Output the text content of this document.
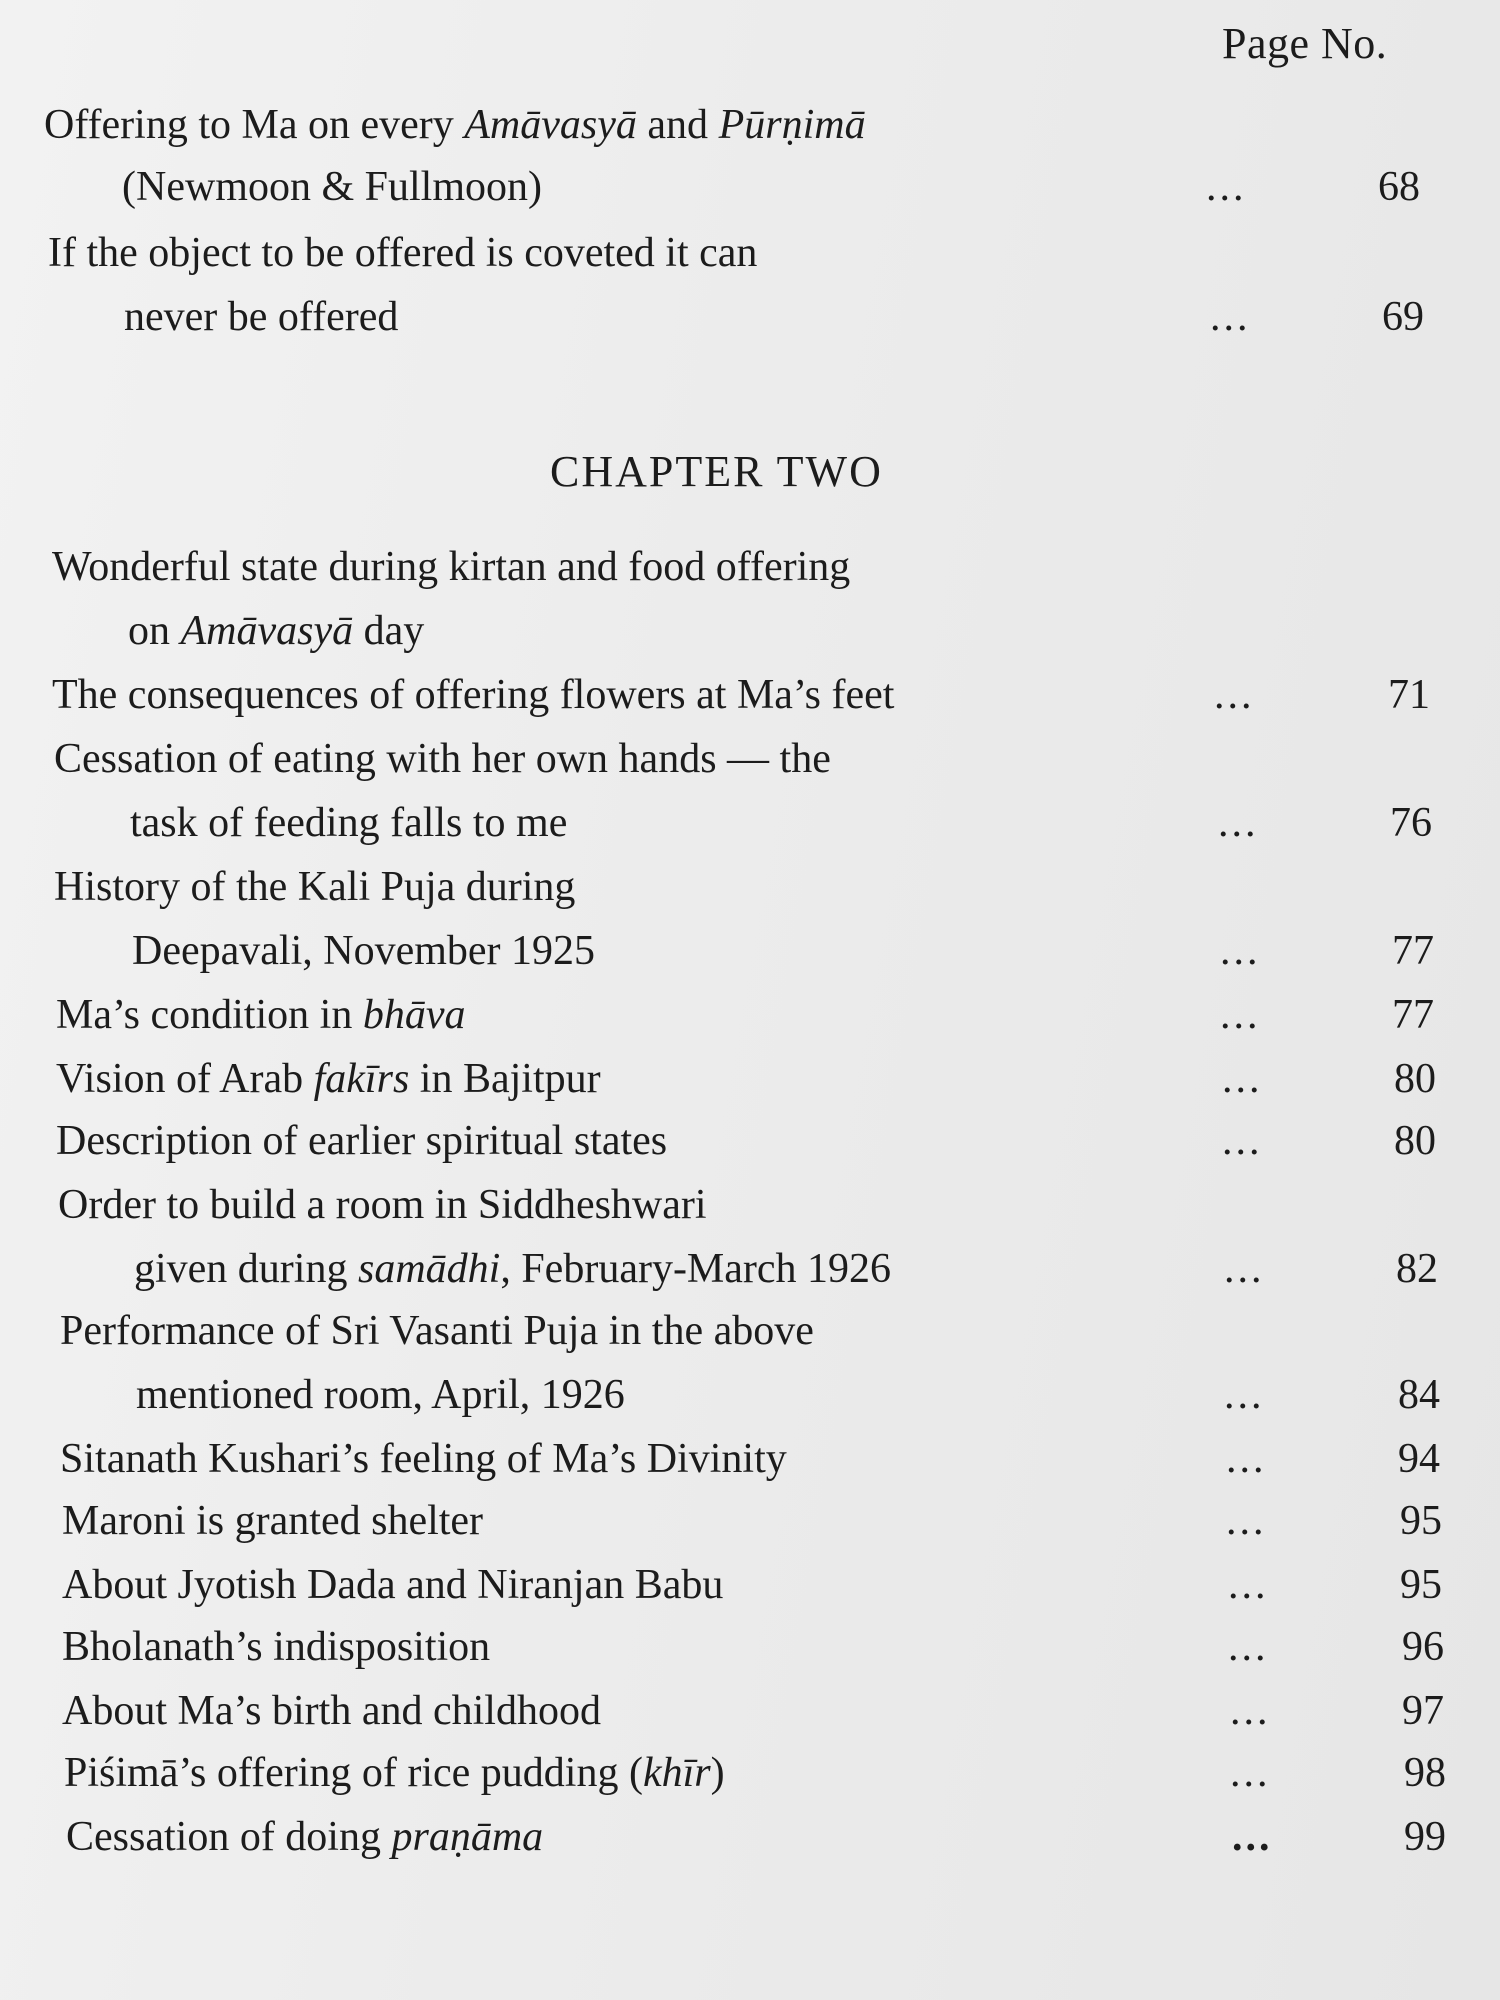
Page No.
Offering to Ma on every Amāvasyā and Pūrṇimā
(Newmoon & Fullmoon)	...	68
If the object to be offered is coveted it can
never be offered	...	69
CHAPTER TWO
Wonderful state during kirtan and food offering
on Amāvasyā day
The consequences of offering flowers at Ma’s feet	...	71
Cessation of eating with her own hands — the
task of feeding falls to me	...	76
History of the Kali Puja during
Deepavali, November 1925	...	77
Ma’s condition in bhāva	...	77
Vision of Arab fakīrs in Bajitpur	...	80
Description of earlier spiritual states	...	80
Order to build a room in Siddheshwari
given during samādhi, February-March 1926	...	82
Performance of Sri Vasanti Puja in the above
mentioned room, April, 1926	...	84
Sitanath Kushari’s feeling of Ma’s Divinity	...	94
Maroni is granted shelter	...	95
About Jyotish Dada and Niranjan Babu	...	95
Bholanath’s indisposition	...	96
About Ma’s birth and childhood	...	97
Piśimā’s offering of rice pudding (khīr)	...	98
Cessation of doing praṇāma	...	99
